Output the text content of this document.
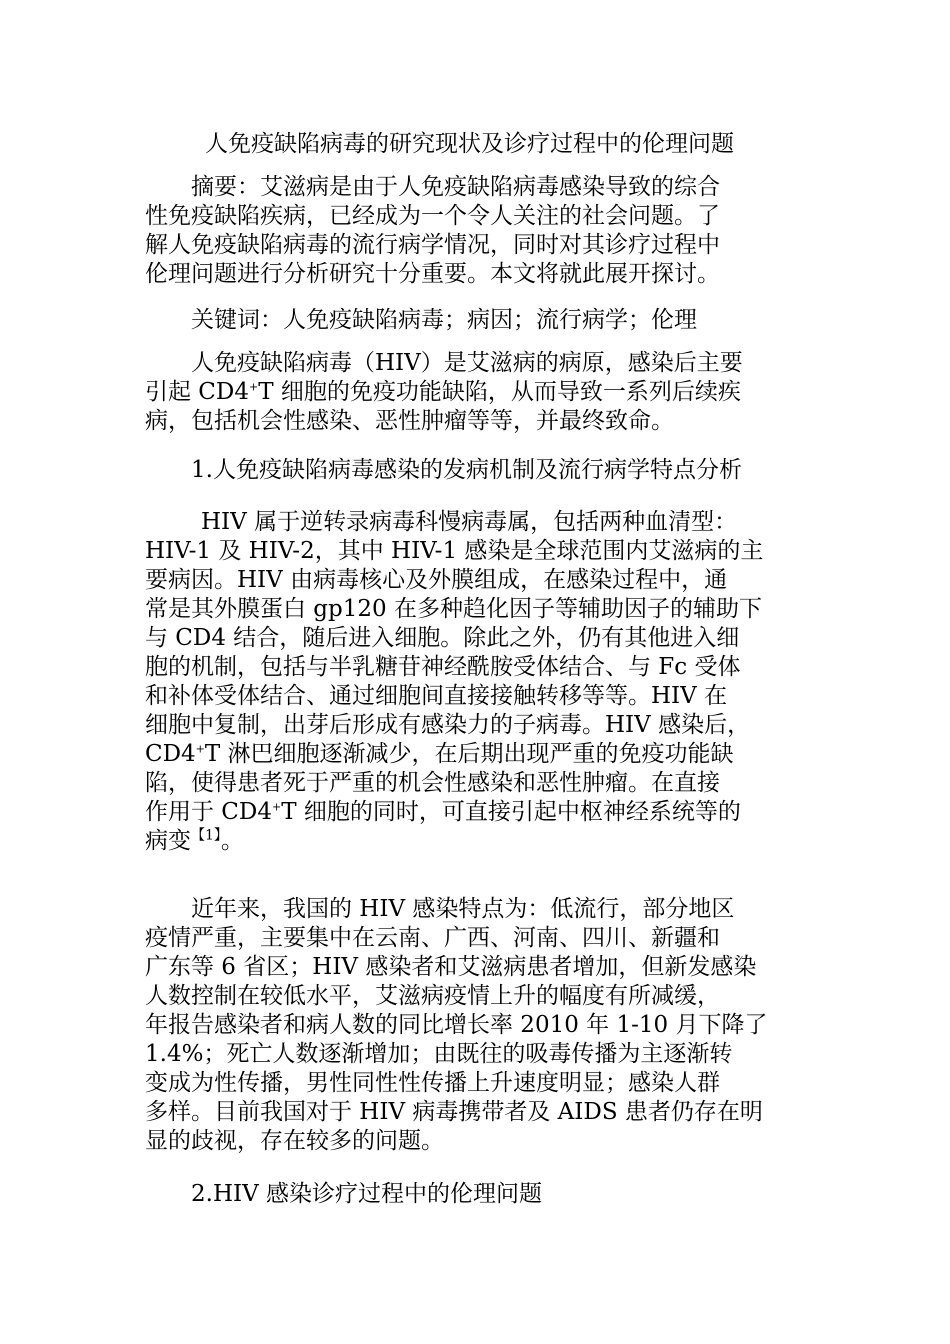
人免疫缺陷病毒的研究现状及诊疗过程中的伦理问题
摘要：艾滋病是由于人免疫缺陷病毒感染导致的综合
性免疫缺陷疾病，已经成为一个令人关注的社会问题。了
解人免疫缺陷病毒的流行病学情况，同时对其诊疗过程中
伦理问题进行分析研究十分重要。本文将就此展开探讨。
关键词：人免疫缺陷病毒；病因；流行病学；伦理
人免疫缺陷病毒（HIV）是艾滋病的病原，感染后主要
引起 CD4+T 细胞的免疫功能缺陷，从而导致一系列后续疾
病，包括机会性感染、恶性肿瘤等等，并最终致命。
1.人免疫缺陷病毒感染的发病机制及流行病学特点分析
HIV 属于逆转录病毒科慢病毒属，包括两种血清型：
HIV-1 及 HIV-2，其中 HIV-1 感染是全球范围内艾滋病的主
要病因。HIV 由病毒核心及外膜组成，在感染过程中，通
常是其外膜蛋白 gp120 在多种趋化因子等辅助因子的辅助下
与 CD4 结合，随后进入细胞。除此之外，仍有其他进入细
胞的机制，包括与半乳糖苷神经酰胺受体结合、与 Fc 受体
和补体受体结合、通过细胞间直接接触转移等等。HIV 在
细胞中复制，出芽后形成有感染力的子病毒。HIV 感染后，
CD4+T 淋巴细胞逐渐减少，在后期出现严重的免疫功能缺
陷，使得患者死于严重的机会性感染和恶性肿瘤。在直接
作用于 CD4+T 细胞的同时，可直接引起中枢神经系统等的
病变$^{【1】}$。
近年来，我国的 HIV 感染特点为：低流行，部分地区
疫情严重，主要集中在云南、广西、河南、四川、新疆和
广东等 6 省区；HIV 感染者和艾滋病患者增加，但新发感染
人数控制在较低水平，艾滋病疫情上升的幅度有所减缓，
年报告感染者和病人数的同比增长率 2010 年 1-10 月下降了
1.4%；死亡人数逐渐增加；由既往的吸毒传播为主逐渐转
变成为性传播，男性同性性传播上升速度明显；感染人群
多样。目前我国对于 HIV 病毒携带者及 AIDS 患者仍存在明
显的歧视，存在较多的问题。
2.HIV 感染诊疗过程中的伦理问题
